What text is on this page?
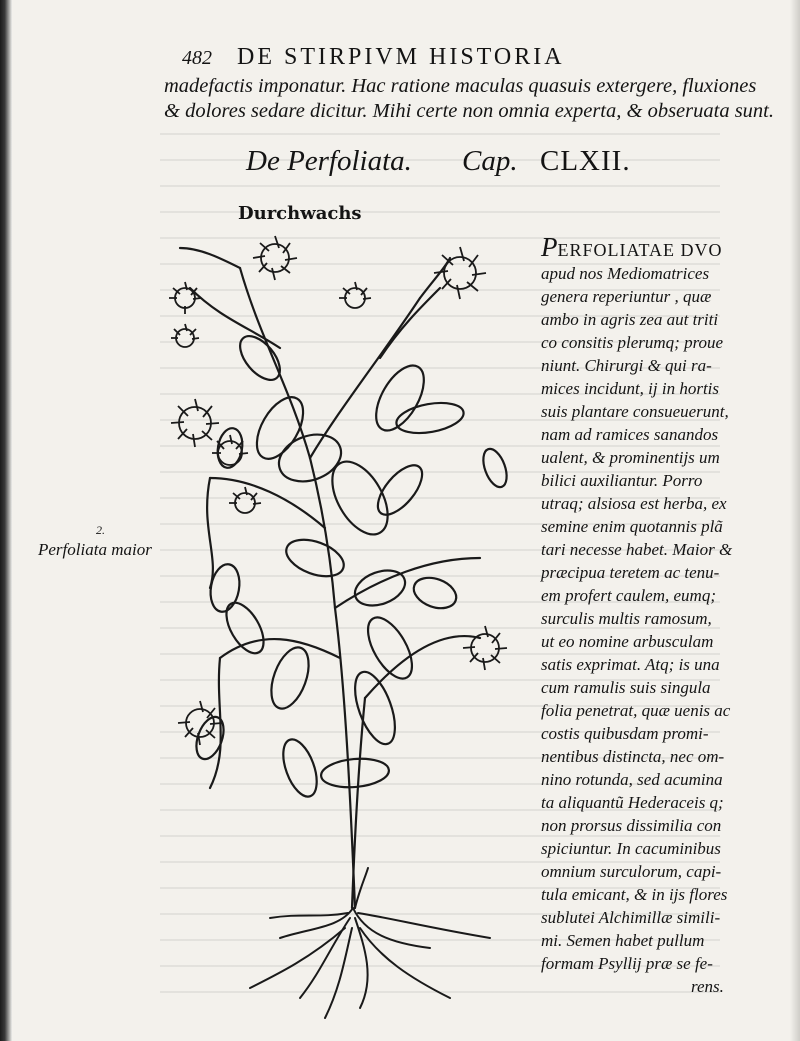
482 DE STIRPIVM HISTORIA
madefactis imponatur. Hac ratione maculas quasuis extergere, fluxiones
& dolores sedare dicitur. Mihi certe non omnia experta, & obseruata sunt.
De Perfoliata. Cap. CLXII.
Durchwachs
2.
Perfoliata maior
PERFOLIATAE DVO
apud nos Mediomatrices
genera reperiuntur , quæ
ambo in agris zea aut triti
co consitis plerumq; proue
niunt. Chirurgi & qui ra-
mices incidunt, ij in hortis
suis plantare consueuerunt,
nam ad ramices sanandos
ualent, & prominentijs um
bilici auxiliantur. Porro
utraq; alsiosa est herba, ex
semine enim quotannis plã
tari necesse habet. Maior &
præcipua teretem ac tenu-
em profert caulem, eumq;
surculis multis ramosum,
ut eo nomine arbusculam
satis exprimat. Atq; is una
cum ramulis suis singula
folia penetrat, quæ uenis ac
costis quibusdam promi-
nentibus distincta, nec om-
nino rotunda, sed acumina
ta aliquantũ Hederaceis q;
non prorsus dissimilia con
spiciuntur. In cacuminibus
omnium surculorum, capi-
tula emicant, & in ijs flores
sublutei Alchimillæ simili-
mi. Semen habet pullum
formam Psyllij præ se fe-
rens.
